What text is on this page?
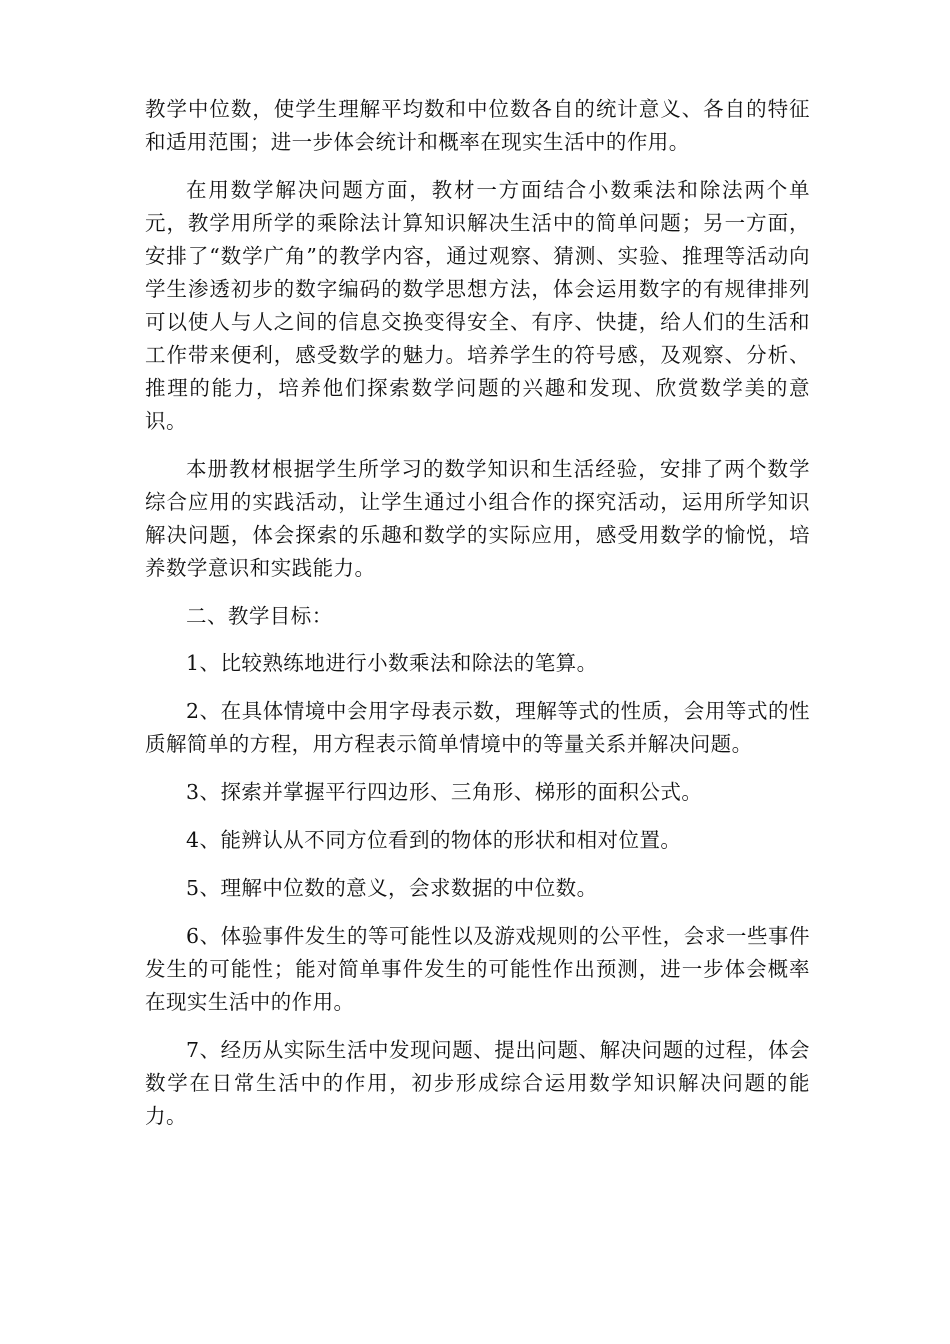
教学中位数，使学生理解平均数和中位数各自的统计意义、各自的特征和适用范围；进一步体会统计和概率在现实生活中的作用。

在用数学解决问题方面，教材一方面结合小数乘法和除法两个单元，教学用所学的乘除法计算知识解决生活中的简单问题；另一方面，安排了“数学广角”的教学内容，通过观察、猜测、实验、推理等活动向学生渗透初步的数字编码的数学思想方法，体会运用数字的有规律排列可以使人与人之间的信息交换变得安全、有序、快捷，给人们的生活和工作带来便利，感受数学的魅力。培养学生的符号感，及观察、分析、推理的能力，培养他们探索数学问题的兴趣和发现、欣赏数学美的意识。

本册教材根据学生所学习的数学知识和生活经验，安排了两个数学综合应用的实践活动，让学生通过小组合作的探究活动，运用所学知识解决问题，体会探索的乐趣和数学的实际应用，感受用数学的愉悦，培养数学意识和实践能力。

二、教学目标：

1、比较熟练地进行小数乘法和除法的笔算。

2、在具体情境中会用字母表示数，理解等式的性质，会用等式的性质解简单的方程，用方程表示简单情境中的等量关系并解决问题。

3、探索并掌握平行四边形、三角形、梯形的面积公式。

4、能辨认从不同方位看到的物体的形状和相对位置。

5、理解中位数的意义，会求数据的中位数。

6、体验事件发生的等可能性以及游戏规则的公平性，会求一些事件发生的可能性；能对简单事件发生的可能性作出预测，进一步体会概率在现实生活中的作用。

7、经历从实际生活中发现问题、提出问题、解决问题的过程，体会数学在日常生活中的作用，初步形成综合运用数学知识解决问题的能力。
